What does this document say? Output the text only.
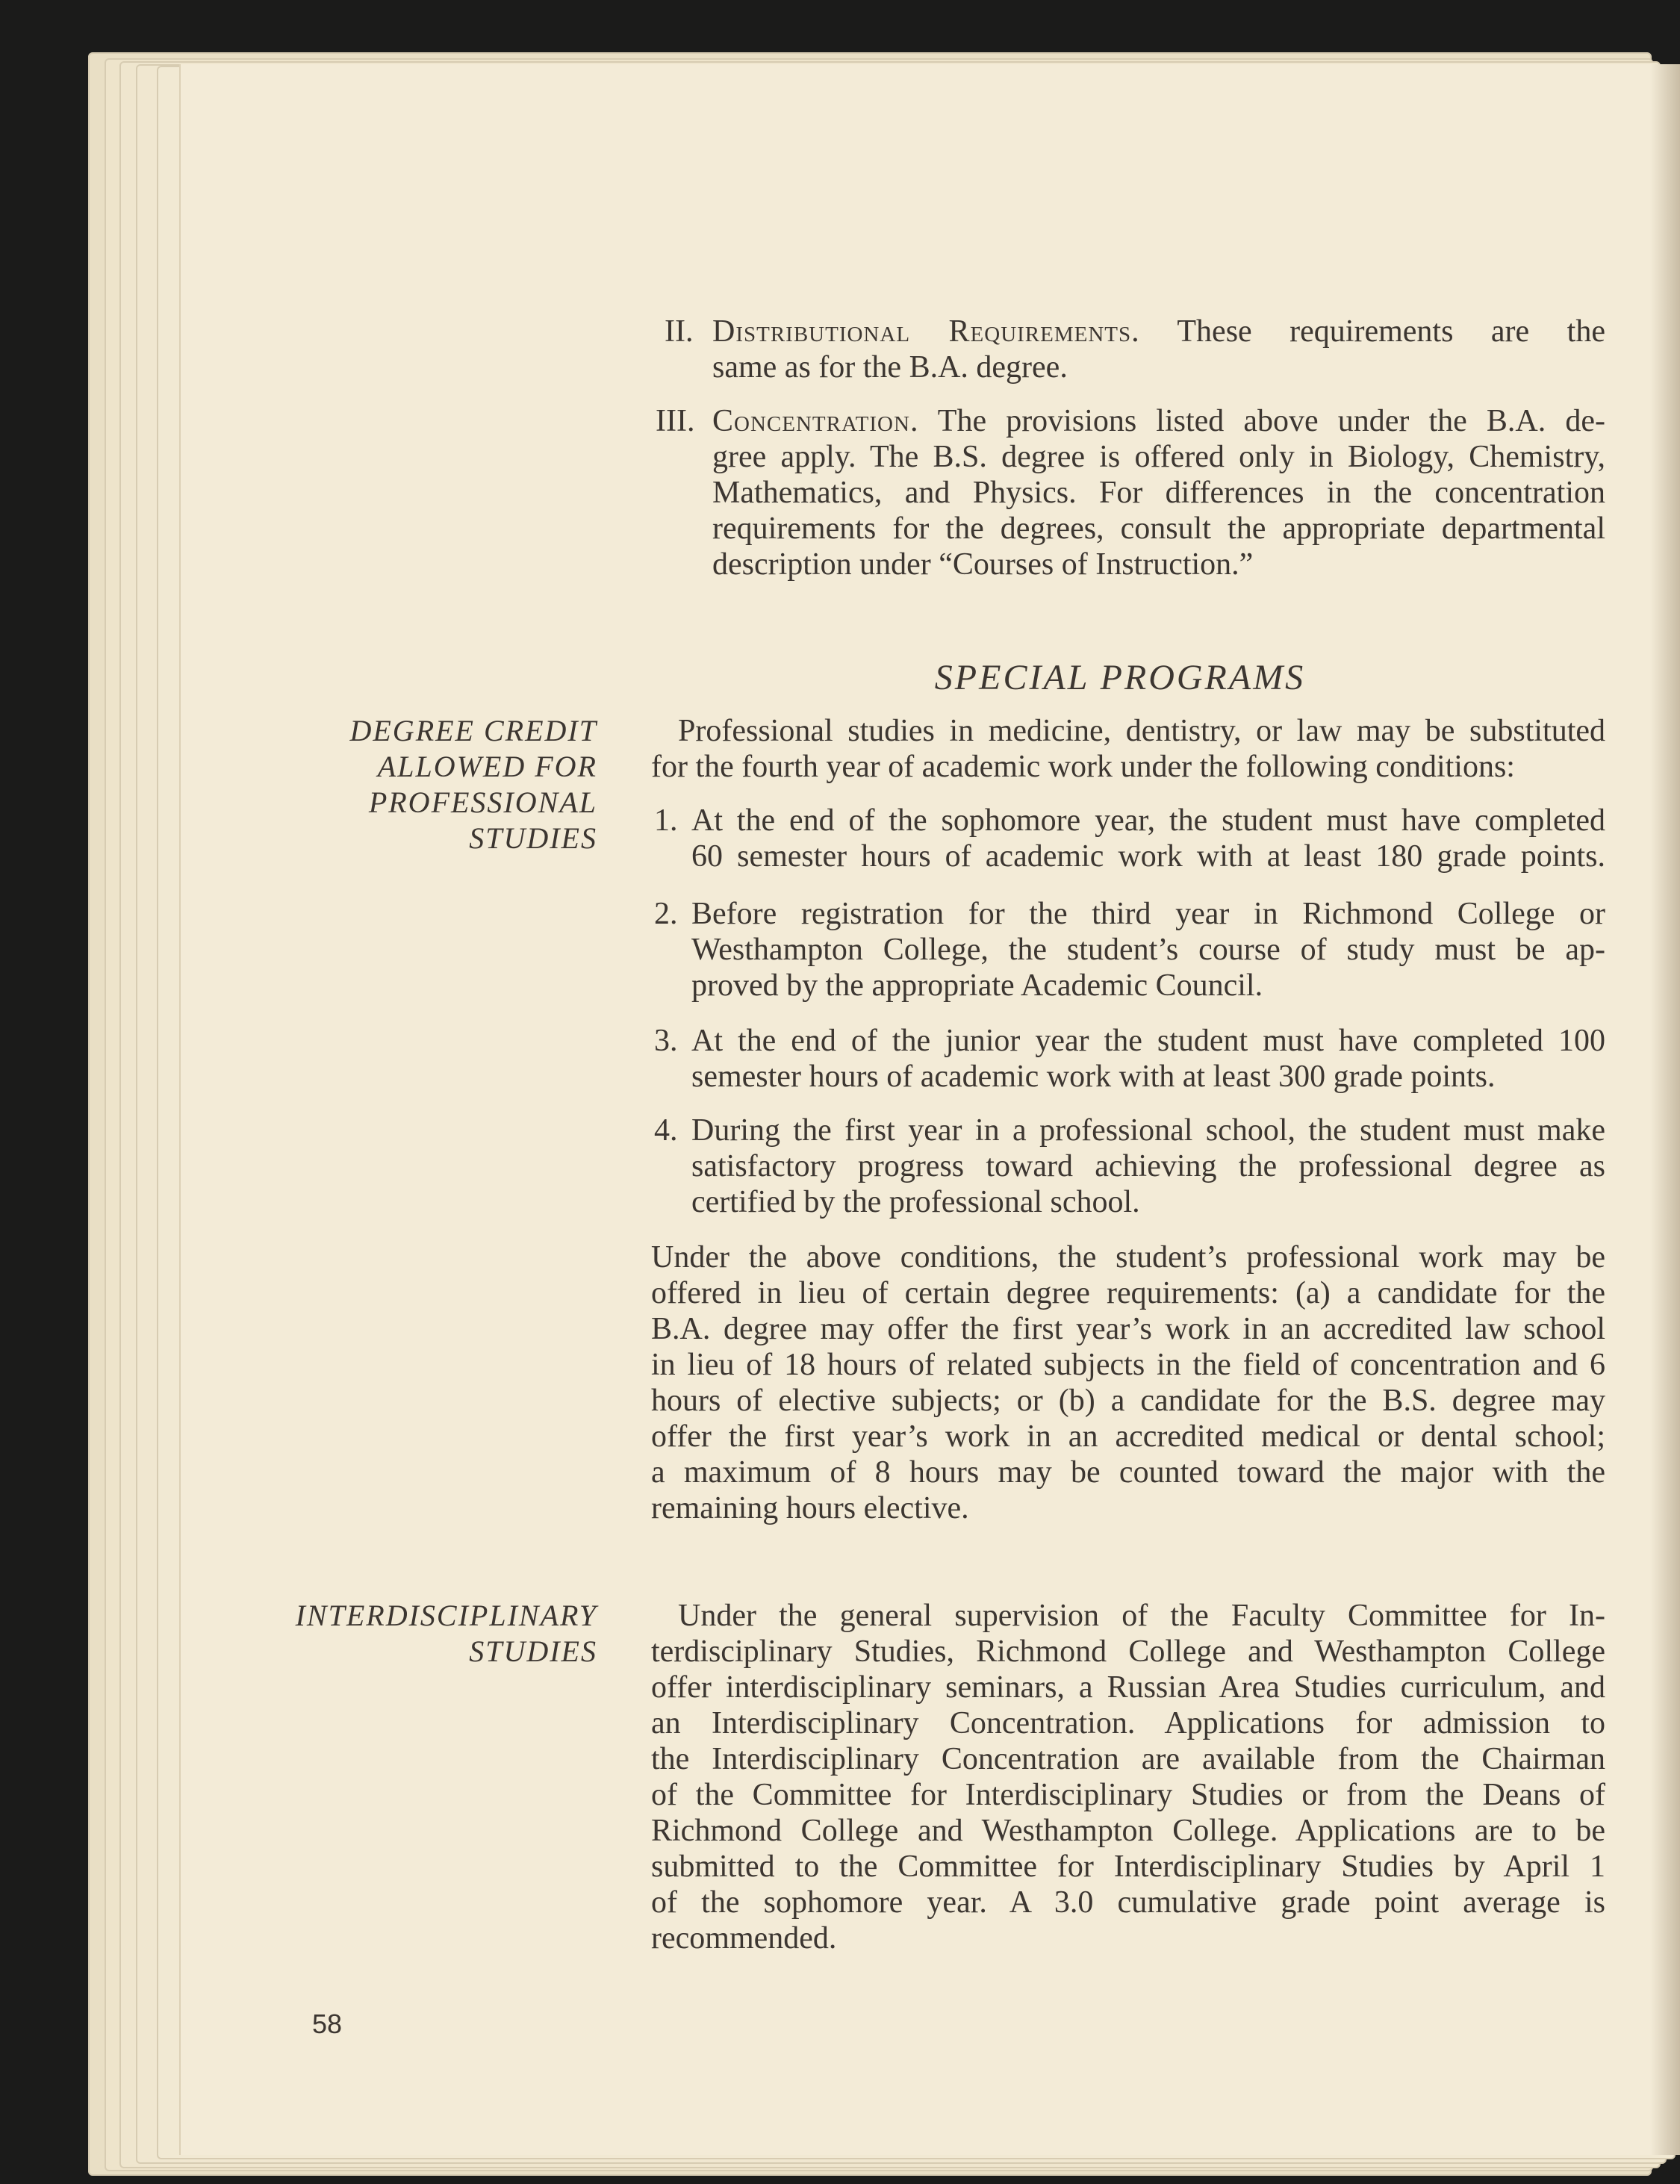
II. Distributional Requirements. These requirements are the
same as for the B.A. degree.
III. Concentration. The provisions listed above under the B.A. de-
gree apply. The B.S. degree is offered only in Biology, Chemistry,
Mathematics, and Physics. For differences in the concentration
requirements for the degrees, consult the appropriate departmental
description under “Courses of Instruction.”
SPECIAL PROGRAMS
DEGREE CREDIT
ALLOWED FOR
PROFESSIONAL
STUDIES
Professional studies in medicine, dentistry, or law may be substituted
for the fourth year of academic work under the following conditions:
1. At the end of the sophomore year, the student must have completed
60 semester hours of academic work with at least 180 grade points.
2. Before registration for the third year in Richmond College or
Westhampton College, the student’s course of study must be ap-
proved by the appropriate Academic Council.
3. At the end of the junior year the student must have completed 100
semester hours of academic work with at least 300 grade points.
4. During the first year in a professional school, the student must make
satisfactory progress toward achieving the professional degree as
certified by the professional school.
Under the above conditions, the student’s professional work may be
offered in lieu of certain degree requirements: (a) a candidate for the
B.A. degree may offer the first year’s work in an accredited law school
in lieu of 18 hours of related subjects in the field of concentration and 6
hours of elective subjects; or (b) a candidate for the B.S. degree may
offer the first year’s work in an accredited medical or dental school;
a maximum of 8 hours may be counted toward the major with the
remaining hours elective.
INTERDISCIPLINARY
STUDIES
Under the general supervision of the Faculty Committee for In-
terdisciplinary Studies, Richmond College and Westhampton College
offer interdisciplinary seminars, a Russian Area Studies curriculum, and
an Interdisciplinary Concentration. Applications for admission to
the Interdisciplinary Concentration are available from the Chairman
of the Committee for Interdisciplinary Studies or from the Deans of
Richmond College and Westhampton College. Applications are to be
submitted to the Committee for Interdisciplinary Studies by April 1
of the sophomore year. A 3.0 cumulative grade point average is
recommended.
58
